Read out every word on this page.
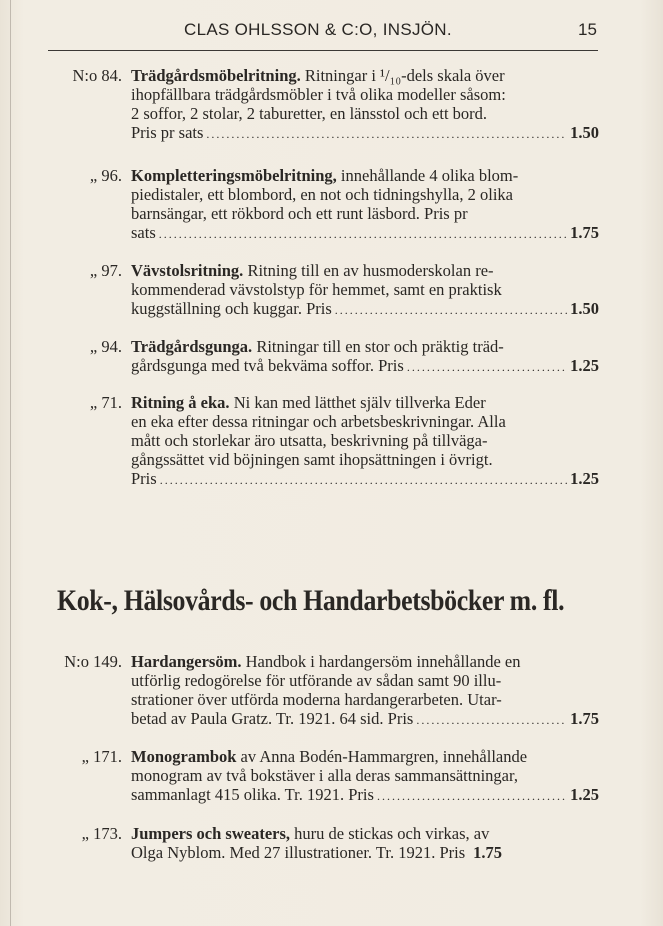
CLAS OHLSSON & C:O, INSJÖN.	15
N:o 84. Trädgårdsmöbelritning. Ritningar i ¹/₁₀-dels skala över
ihopfällbara trädgårdsmöbler i två olika modeller såsom:
2 soffor, 2 stolar, 2 taburetter, en länsstol och ett bord.
Pris pr sats .....	1.50
„ 96. Kompletteringsmöbelritning, innehållande 4 olika blom-
piedistaler, ett blombord, en not och tidningshylla, 2 olika
barnsängar, ett rökbord och ett runt läsbord. Pris pr
sats .....	1.75
„ 97. Vävstolsritning. Ritning till en av husmoderskolan re-
kommenderad vävstolstyp för hemmet, samt en praktisk
kuggställning och kuggar. Pris .....	1.50
„ 94. Trädgårdsgunga. Ritningar till en stor och präktig träd-
gårdsgunga med två bekväma soffor. Pris .....	1.25
„ 71. Ritning å eka. Ni kan med lätthet själv tillverka Eder
en eka efter dessa ritningar och arbetsbeskrivningar. Alla
mått och storlekar äro utsatta, beskrivning på tillväga-
gångssättet vid böjningen samt ihopsättningen i övrigt.
Pris .....	1.25
Kok-, Hälsovårds- och Handarbetsböcker m. fl.
N:o 149. Hardangersöm. Handbok i hardangersöm innehållande en
utförlig redogörelse för utförande av sådan samt 90 illu-
strationer över utförda moderna hardangerarbeten. Utar-
betad av Paula Gratz. Tr. 1921. 64 sid. Pris .....	1.75
„ 171. Monogrambok av Anna Bodén-Hammargren, innehållande
monogram av två bokstäver i alla deras sammansättningar,
sammanlagt 415 olika. Tr. 1921. Pris .....	1.25
„ 173. Jumpers och sweaters, huru de stickas och virkas, av
Olga Nyblom. Med 27 illustrationer. Tr. 1921. Pris 1.75
